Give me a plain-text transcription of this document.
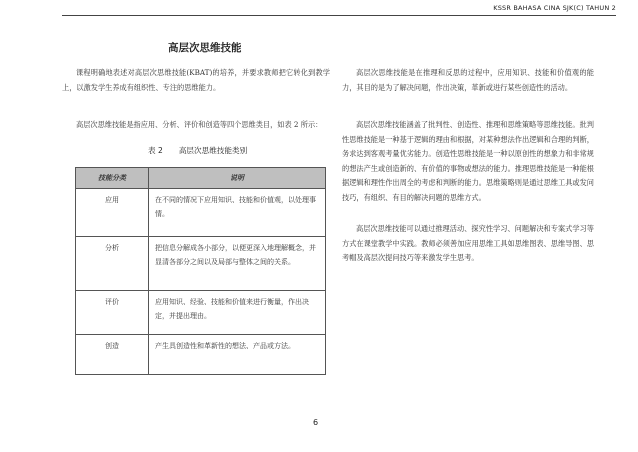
KSSR BAHASA CINA SJK(C) TAHUN 2
高层次思维技能

课程明确地表述对高层次思维技能(KBAT)的培养，并要求教师把它转化到教学上，以激发学生养成有组织性、专注的思维能力。

高层次思维技能是指应用、分析、评价和创造等四个思维类目，如表 2 所示：

表 2 高层次思维技能类别
技能分类	说明
应用	在不同的情况下应用知识、技能和价值观，以处理事情。
分析	把信息分解成各小部分，以便更深入地理解概念，并显清各部分之间以及局部与整体之间的关系。
评价	应用知识、经验、技能和价值来进行衡量，作出决定，并提出理由。
创造	产生具创造性和革新性的想法、产品或方法。

高层次思维技能是在推理和反思的过程中，应用知识、技能和价值观的能力，其目的是为了解决问题，作出决策，革新或进行某些创造性的活动。

高层次思维技能涵盖了批判性、创造性、推理和思维策略等思维技能。批判性思维技能是一种基于逻辑的理由和根据，对某种想法作出逻辑和合理的判断，务求达到客观考量优劣能力。创造性思维技能是一种以原创性的想象力和非常规的想法产生或创造新的、有价值的事物或想法的能力。推理思维技能是一种能根据逻辑和理性作出周全的考虑和判断的能力。思维策略则是通过思维工具或发问技巧，有组织、有目的解决问题的思维方式。

高层次思维技能可以通过推理活动、探究性学习、问题解决和专案式学习等方式在课堂教学中实践。教师必须善加应用思维工具如思维图表、思维导图、思考帽及高层次提问技巧等来激发学生思考。

6
